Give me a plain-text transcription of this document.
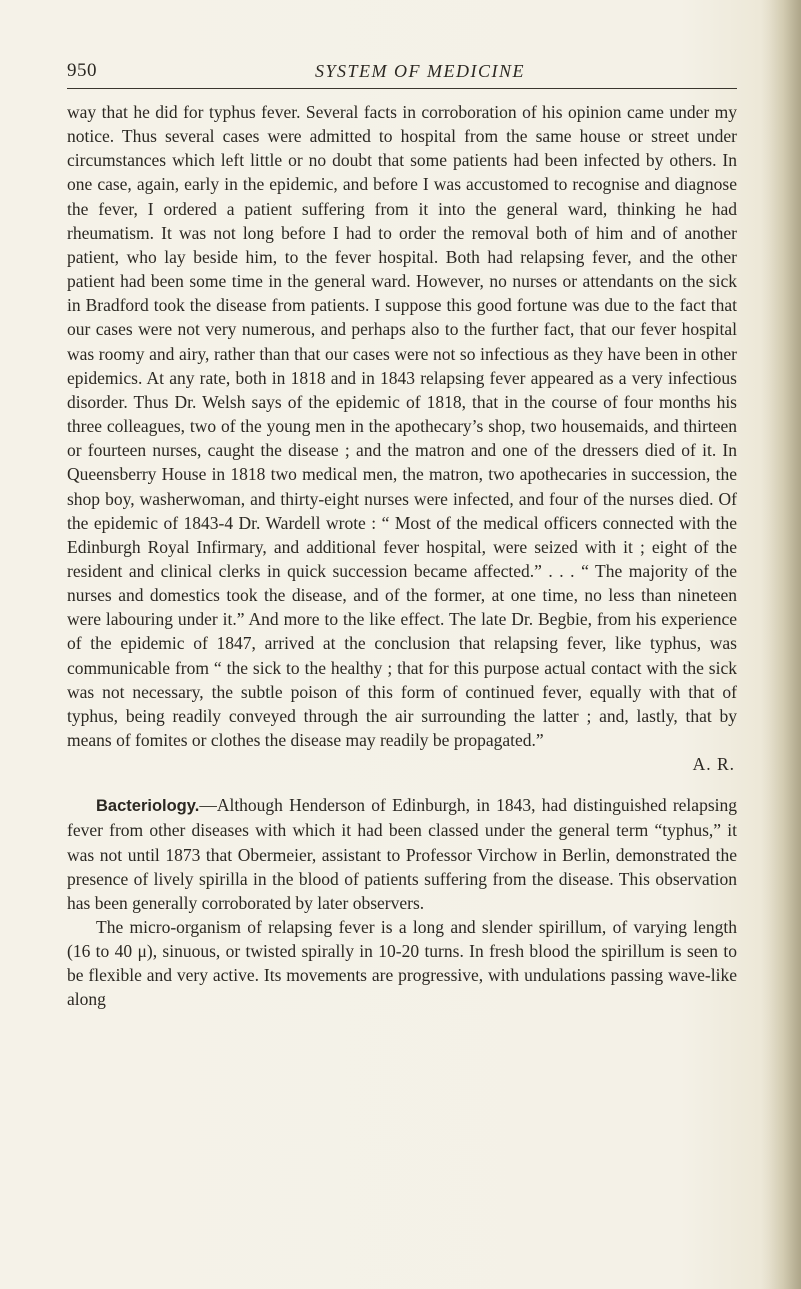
950	SYSTEM OF MEDICINE

way that he did for typhus fever. Several facts in corroboration of his opinion came under my notice. Thus several cases were admitted to hospital from the same house or street under circumstances which left little or no doubt that some patients had been infected by others. In one case, again, early in the epidemic, and before I was accustomed to recognise and diagnose the fever, I ordered a patient suffering from it into the general ward, thinking he had rheumatism. It was not long before I had to order the removal both of him and of another patient, who lay beside him, to the fever hospital. Both had relapsing fever, and the other patient had been some time in the general ward. However, no nurses or attendants on the sick in Bradford took the disease from patients. I suppose this good fortune was due to the fact that our cases were not very numerous, and perhaps also to the further fact, that our fever hospital was roomy and airy, rather than that our cases were not so infectious as they have been in other epidemics. At any rate, both in 1818 and in 1843 relapsing fever appeared as a very infectious disorder. Thus Dr. Welsh says of the epidemic of 1818, that in the course of four months his three colleagues, two of the young men in the apothecary’s shop, two housemaids, and thirteen or fourteen nurses, caught the disease ; and the matron and one of the dressers died of it. In Queensberry House in 1818 two medical men, the matron, two apothecaries in succession, the shop boy, washerwoman, and thirty-eight nurses were infected, and four of the nurses died. Of the epidemic of 1843-4 Dr. Wardell wrote : “ Most of the medical officers connected with the Edinburgh Royal Infirmary, and additional fever hospital, were seized with it ; eight of the resident and clinical clerks in quick succession became affected.” . . . “ The majority of the nurses and domestics took the disease, and of the former, at one time, no less than nineteen were labouring under it.” And more to the like effect. The late Dr. Begbie, from his experience of the epidemic of 1847, arrived at the conclusion that relapsing fever, like typhus, was communicable from “ the sick to the healthy ; that for this purpose actual contact with the sick was not necessary, the subtle poison of this form of continued fever, equally with that of typhus, being readily conveyed through the air surrounding the latter ; and, lastly, that by means of fomites or clothes the disease may readily be propagated.”

A. R.

Bacteriology.—Although Henderson of Edinburgh, in 1843, had distinguished relapsing fever from other diseases with which it had been classed under the general term “typhus,” it was not until 1873 that Obermeier, assistant to Professor Virchow in Berlin, demonstrated the presence of lively spirilla in the blood of patients suffering from the disease. This observation has been generally corroborated by later observers.

The micro-organism of relapsing fever is a long and slender spirillum, of varying length (16 to 40 μ), sinuous, or twisted spirally in 10-20 turns. In fresh blood the spirillum is seen to be flexible and very active. Its movements are progressive, with undulations passing wave-like along
